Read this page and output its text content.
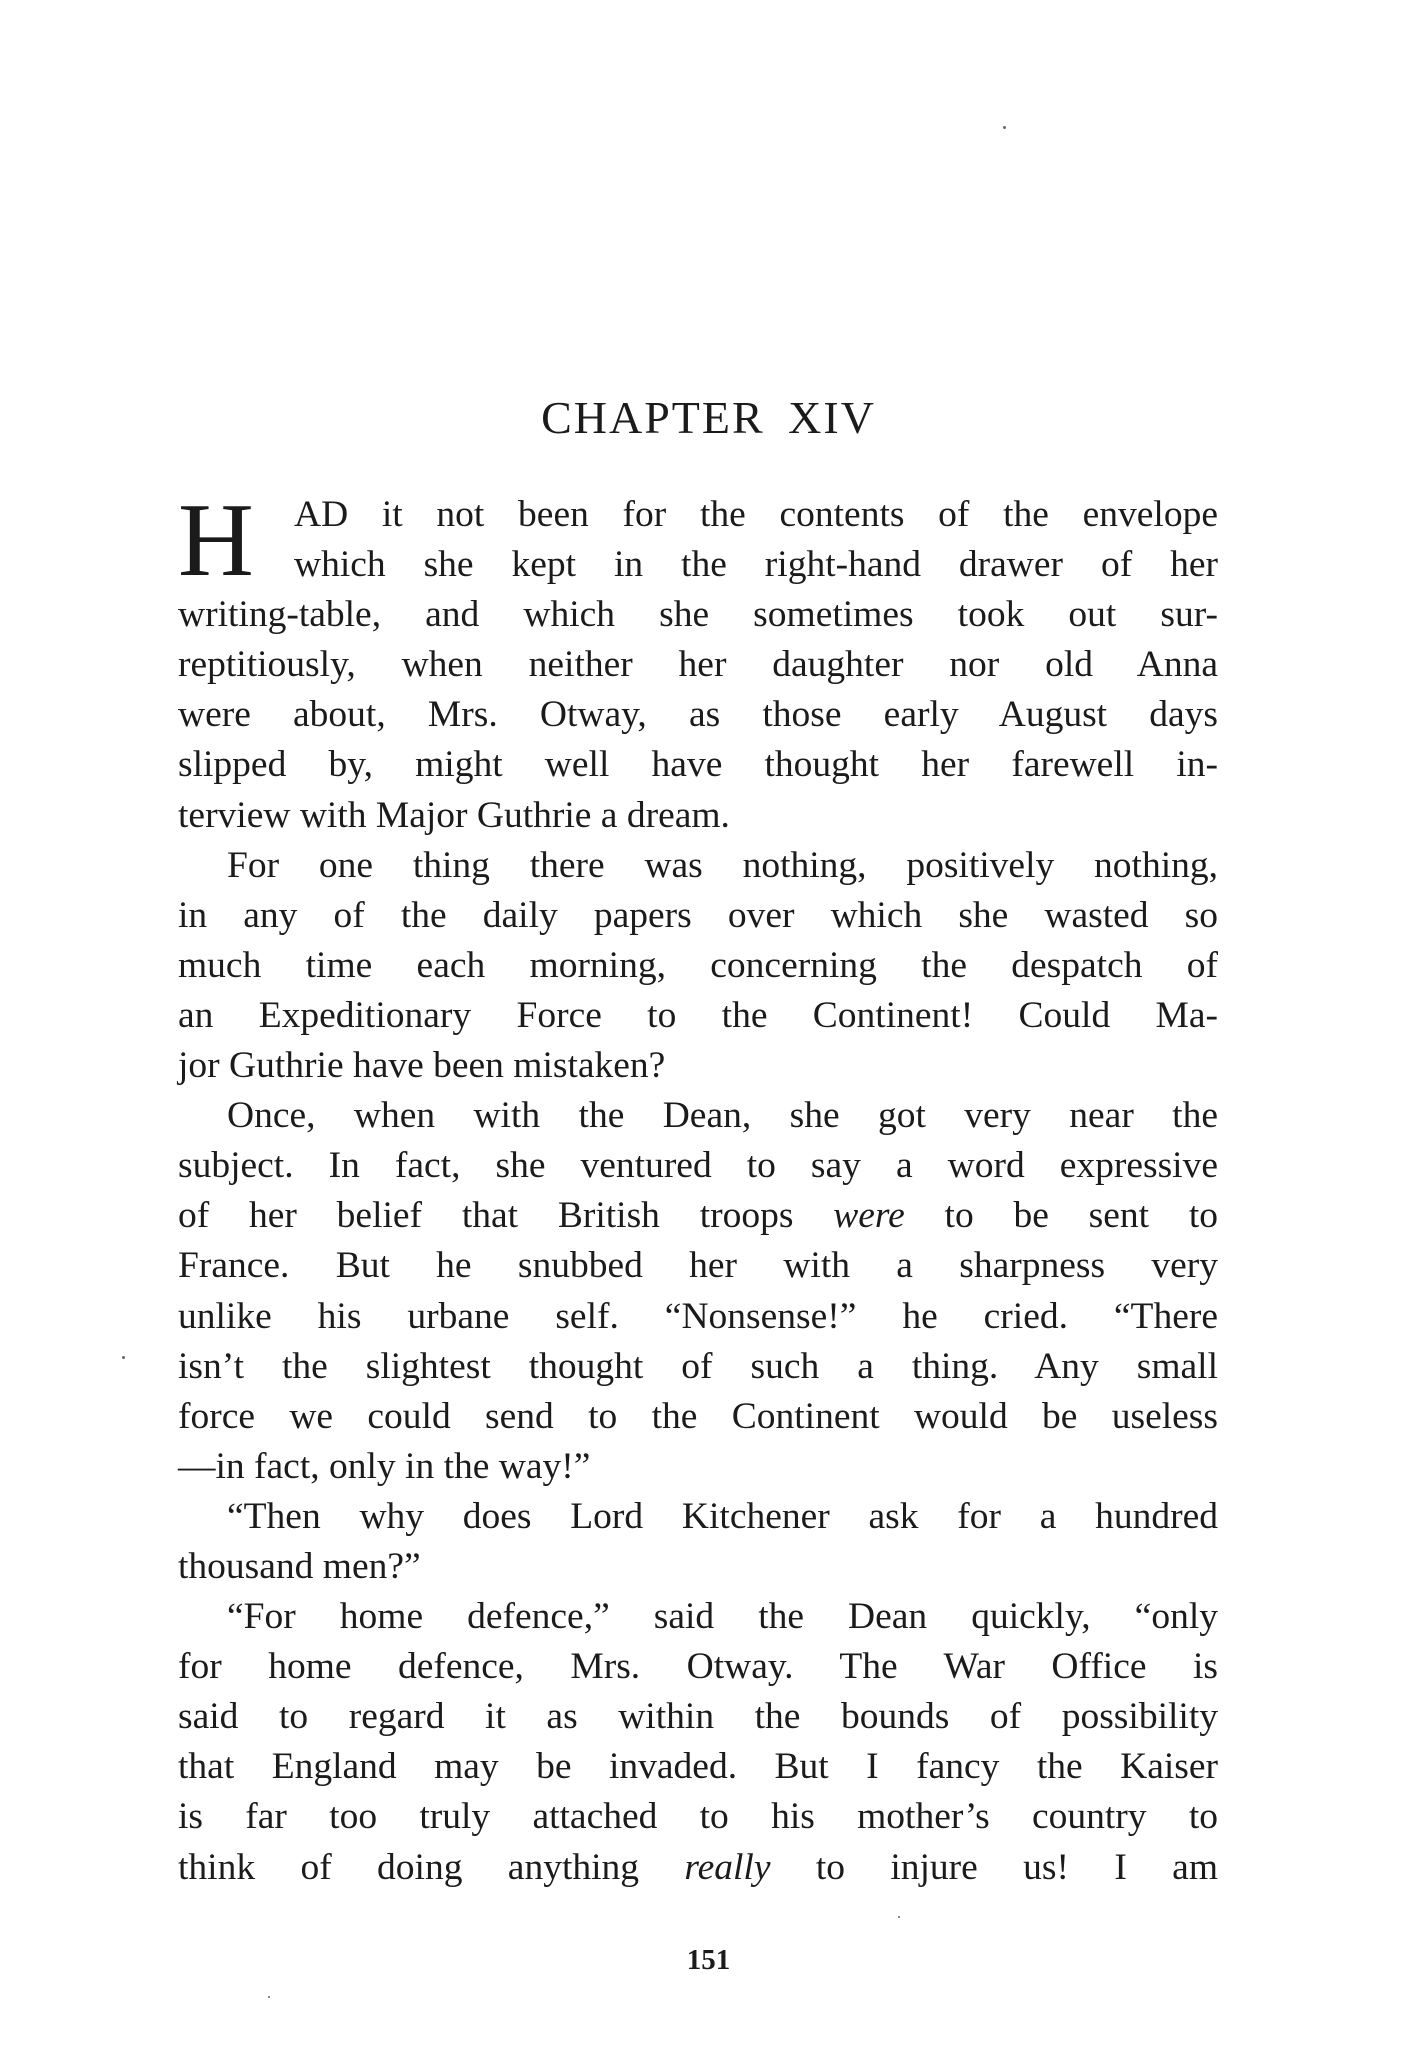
CHAPTER XIV
H	AD it not been for the contents of the envelope
which she kept in the right-hand drawer of her
writing-table, and which she sometimes took out sur-
reptitiously, when neither her daughter nor old Anna
were about, Mrs. Otway, as those early August days
slipped by, might well have thought her farewell in-
terview with Major Guthrie a dream.
For one thing there was nothing, positively nothing,
in any of the daily papers over which she wasted so
much time each morning, concerning the despatch of
an Expeditionary Force to the Continent! Could Ma-
jor Guthrie have been mistaken?
Once, when with the Dean, she got very near the
subject. In fact, she ventured to say a word expressive
of her belief that British troops were to be sent to
France. But he snubbed her with a sharpness very
unlike his urbane self. “Nonsense!” he cried. “There
isn’t the slightest thought of such a thing. Any small
force we could send to the Continent would be useless
—in fact, only in the way!”
“Then why does Lord Kitchener ask for a hundred
thousand men?”
“For home defence,” said the Dean quickly, “only
for home defence, Mrs. Otway. The War Office is
said to regard it as within the bounds of possibility
that England may be invaded. But I fancy the Kaiser
is far too truly attached to his mother’s country to
think of doing anything really to injure us! I am
151
